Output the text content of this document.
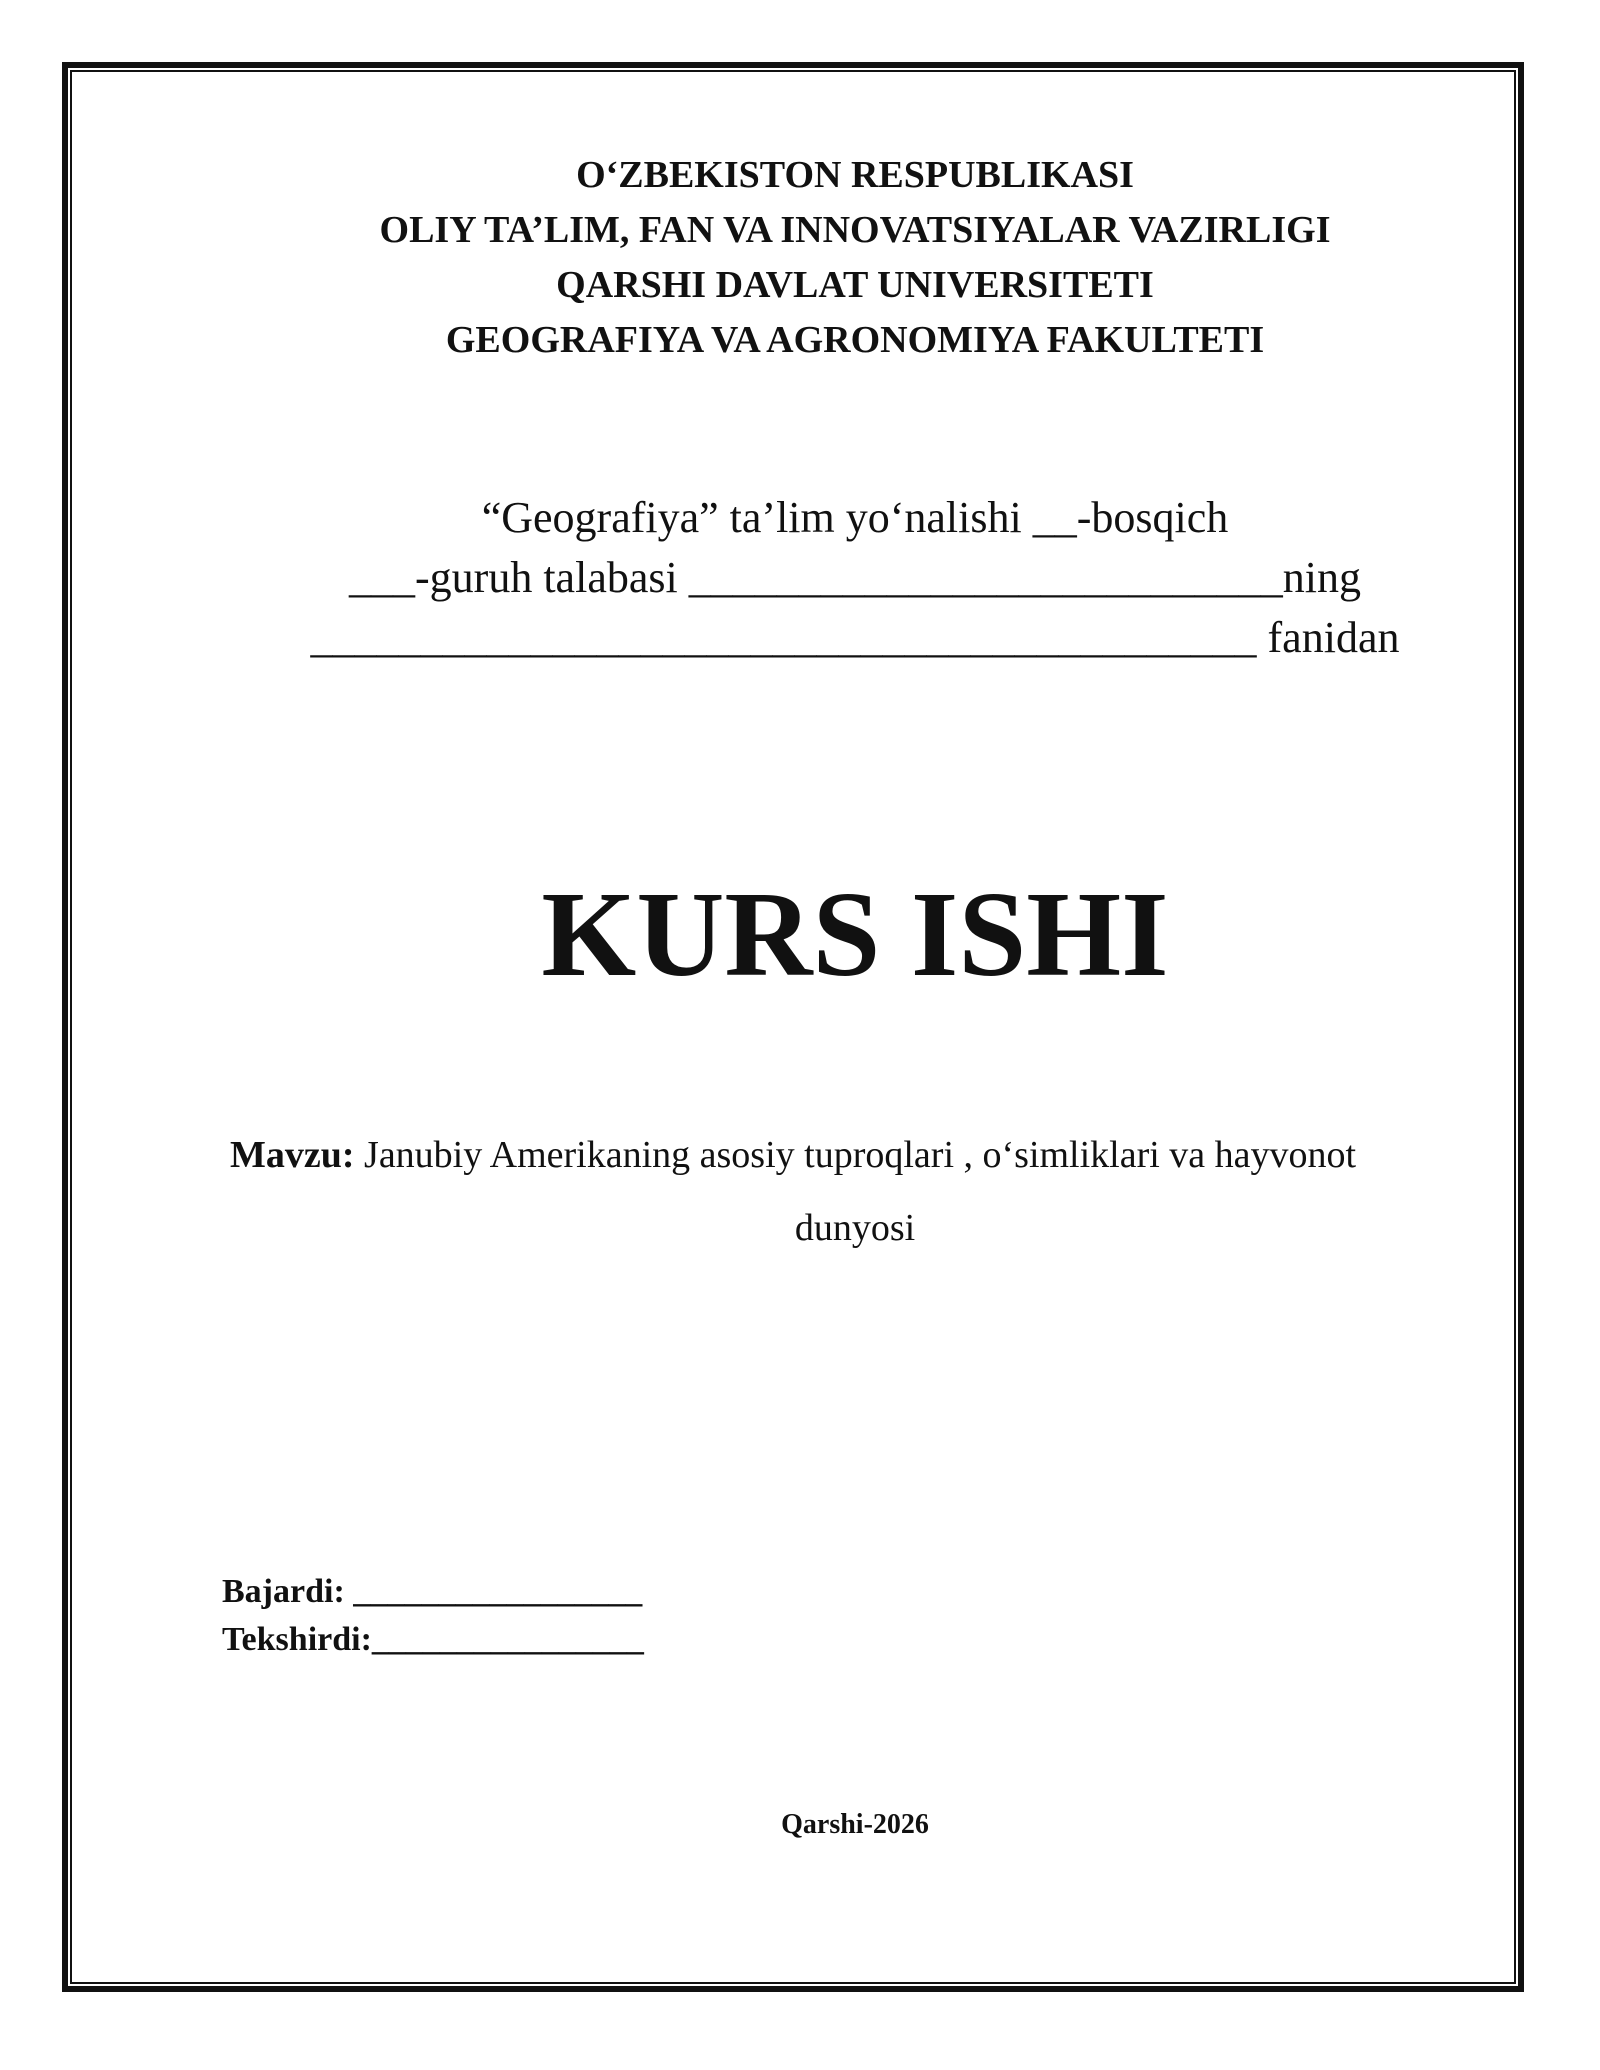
O‘ZBEKISTON RESPUBLIKASI
OLIY TA’LIM, FAN VA INNOVATSIYALAR VAZIRLIGI
QARSHI DAVLAT UNIVERSITETI
GEOGRAFIYA VA AGRONOMIYA FAKULTETI
“Geografiya” ta’lim yo‘nalishi __-bosqich
___-guruh talabasi ___________________________ning
___________________________________________ fanidan
KURS ISHI
Mavzu: Janubiy Amerikaning asosiy tuproqlari , o‘simliklari va hayvonot
dunyosi
Bajardi: _________________
Tekshirdi:________________
Qarshi-2026
